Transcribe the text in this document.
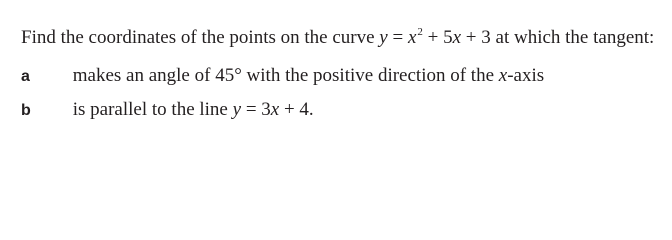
Find the coordinates of the points on the curve $y = x^2 + 5x + 3$ at which the tangent:
a makes an angle of 45° with the positive direction of the x-axis
b is parallel to the line y = 3x + 4.
